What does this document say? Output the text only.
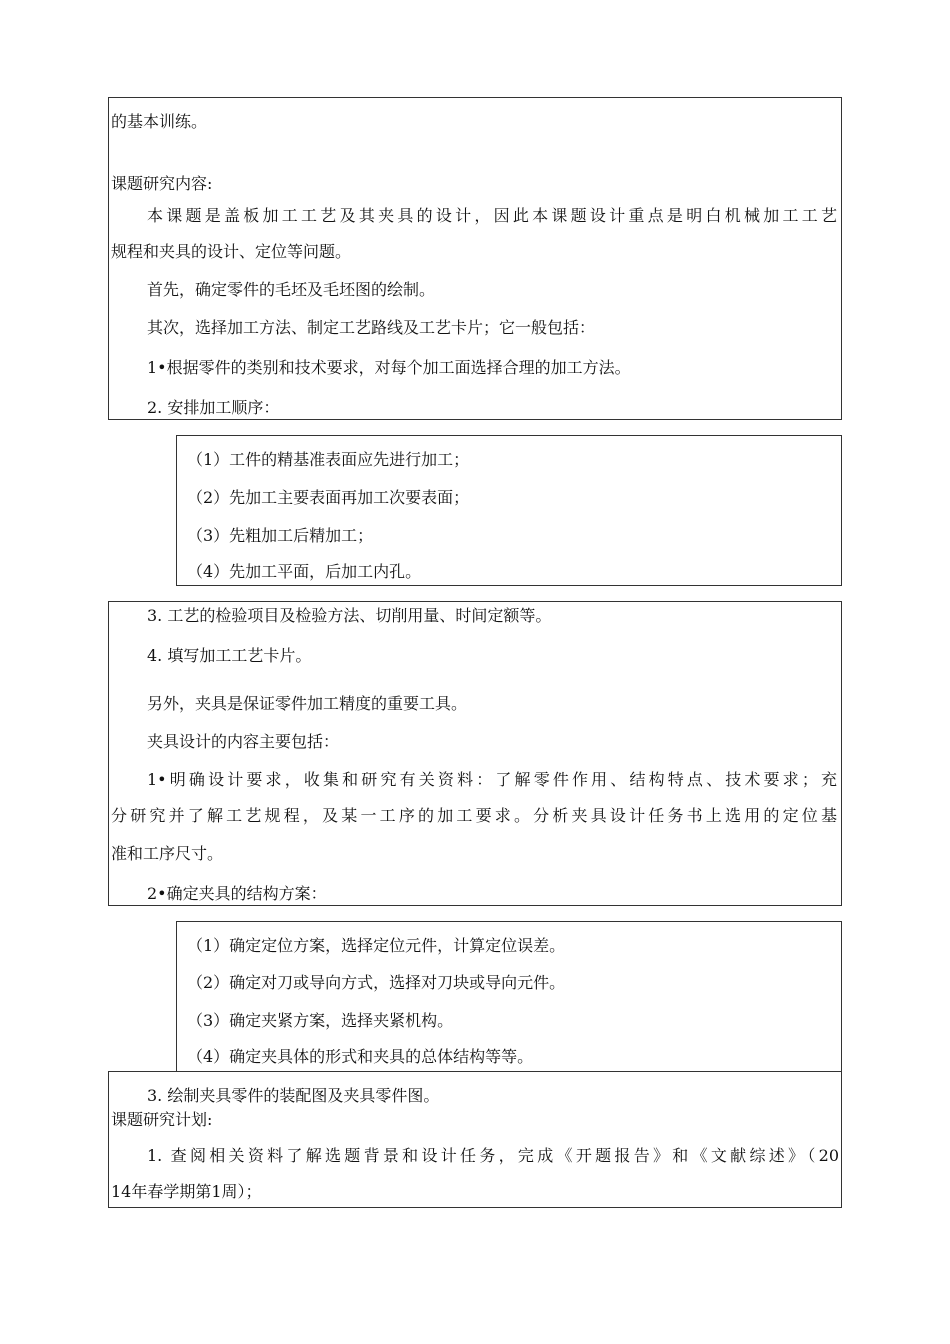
的基本训练。
课题研究内容:
本课题是盖板加工工艺及其夹具的设计，因此本课题设计重点是明白机械加工工艺
规程和夹具的设计、定位等问题。
首先，确定零件的毛坯及毛坯图的绘制。
其次，选择加工方法、制定工艺路线及工艺卡片；它一般包括：
1•根据零件的类别和技术要求，对每个加工面选择合理的加工方法。
2. 安排加工顺序：
（1）工件的精基准表面应先进行加工；
（2）先加工主要表面再加工次要表面；
（3）先粗加工后精加工；
（4）先加工平面，后加工内孔。
3. 工艺的检验项目及检验方法、切削用量、时间定额等。
4. 填写加工工艺卡片。
另外，夹具是保证零件加工精度的重要工具。
夹具设计的内容主要包括：
1•明确设计要求，收集和研究有关资料：了解零件作用、结构特点、技术要求；充
分研究并了解工艺规程，及某一工序的加工要求。分析夹具设计任务书上选用的定位基
准和工序尺寸。
2•确定夹具的结构方案：
（1）确定定位方案，选择定位元件，计算定位误差。
（2）确定对刀或导向方式，选择对刀块或导向元件。
（3）确定夹紧方案，选择夹紧机构。
（4）确定夹具体的形式和夹具的总体结构等等。
3. 绘制夹具零件的装配图及夹具零件图。
课题研究计划:
1. 查阅相关资料了解选题背景和设计任务，完成《开题报告》和《文献综述》（20
14年春学期第1周）；
